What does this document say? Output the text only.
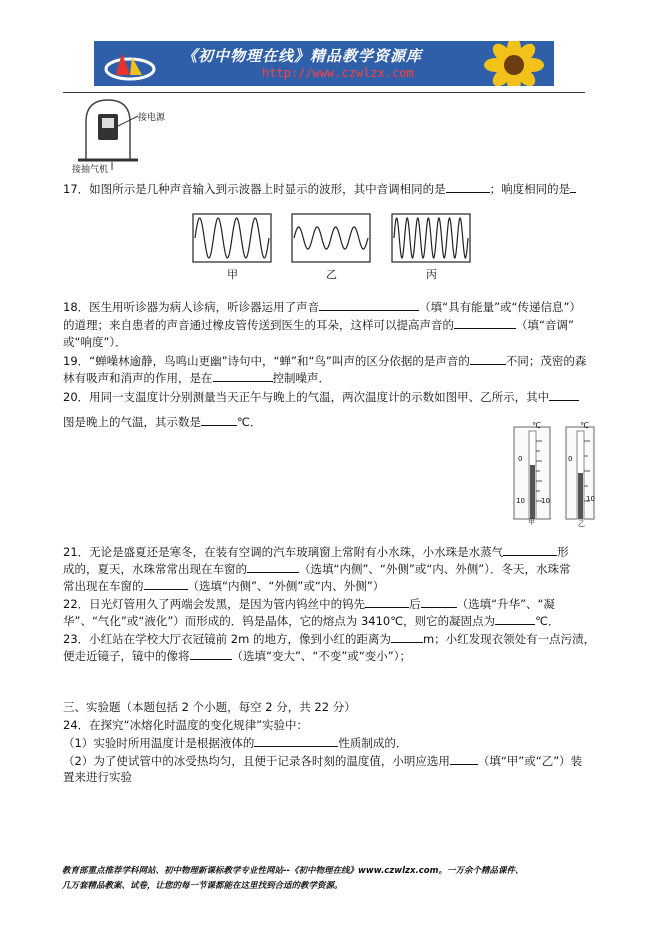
《初中物理在线》精品教学资源库
http://www.czwlzx.com
接电源
接抽气机
17．如图所示是几种声音输入到示波器上时显示的波形，其中音调相同的是	；响度相同的是
甲	乙	丙
18．医生用听诊器为病人诊病，听诊器运用了声音	（填“具有能量”或“传递信息”）
的道理；来自患者的声音通过橡皮管传送到医生的耳朵，这样可以提高声音的	（填“音调”
或“响度”）．
19．“蝉噪林逾静，鸟鸣山更幽”诗句中，“蝉”和“鸟”叫声的区分依据的是声音的	不同；茂密的森
林有吸声和消声的作用，是在	控制噪声．
20．用同一支温度计分别测量当天正午与晚上的气温，两次温度计的示数如图甲、乙所示，其中
图是晚上的气温，其示数是	℃．	℃	℃
0
10 10
0
10
甲	乙
21．无论是盛夏还是寒冬，在装有空调的汽车玻璃窗上常附有小水珠，小水珠是水蒸气	形
成的，夏天，水珠常常出现在车窗的	（选填“内侧”、“外侧”或“内、外侧”）．冬天，水珠常
常出现在车窗的	（选填“内侧”、“外侧”或“内、外侧”）
22．日光灯管用久了两端会发黑，是因为管内钨丝中的钨先	后	（选填“升华”、“凝
华”、“气化”或“液化”）而形成的．钨是晶体，它的熔点为 3410℃，则它的凝固点为	℃．
23．小红站在学校大厅衣冠镜前 2m 的地方，像到小红的距离为	m；小红发现衣领处有一点污渍，
便走近镜子，镜中的像将	（选填“变大”、“不变”或“变小”）；
三、实验题（本题包括 2 个小题，每空 2 分，共 22 分）
24．在探究“冰熔化时温度的变化规律”实验中：
（1）实验时所用温度计是根据液体的	性质制成的．
（2）为了使试管中的冰受热均匀，且便于记录各时刻的温度值，小明应选用 （填“甲”或“乙”）装
置来进行实验
教育部重点推荐学科网站、初中物理新课标教学专业性网站--《初中物理在线》www.czwlzx.com。一万余个精品课件、
几万套精品教案、试卷，让您的每一节课都能在这里找到合适的教学资源。
